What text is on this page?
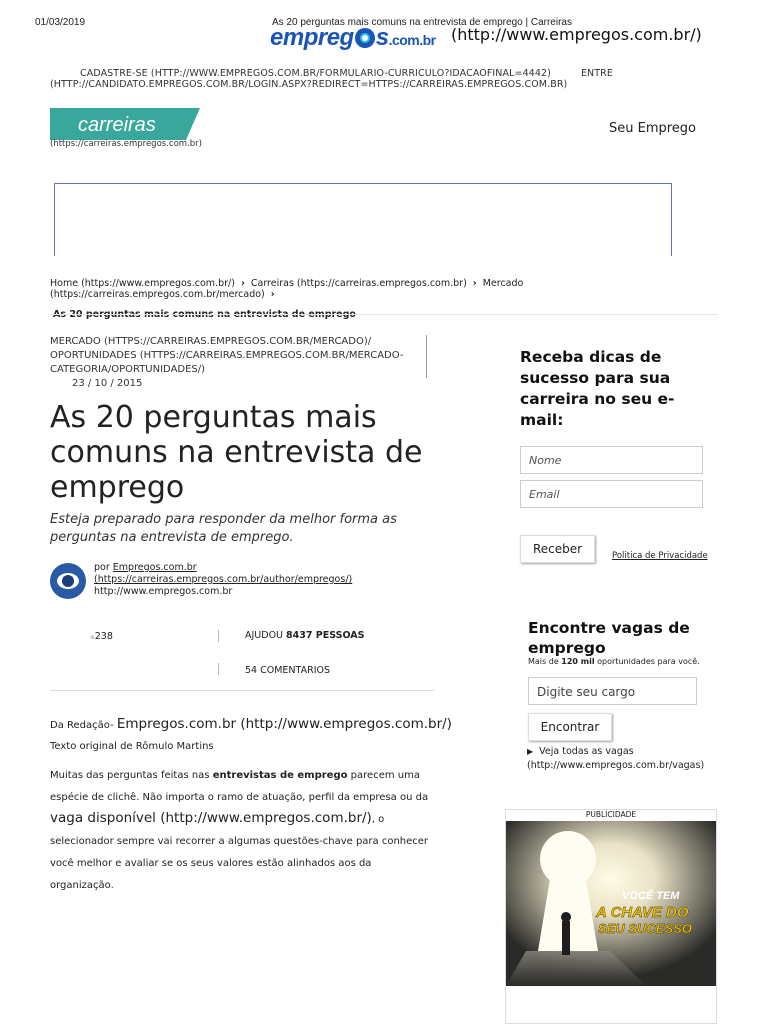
01/03/2019	As 20 perguntas mais comuns na entrevista de emprego | Carreiras
empreg s.com.br (http://www.empregos.com.br/)
CADASTRE-SE (HTTP://WWW.EMPREGOS.COM.BR/FORMULARIO-CURRICULO?IDACAOFINAL=4442)	ENTRE
(HTTP://CANDIDATO.EMPREGOS.COM.BR/LOGIN.ASPX?REDIRECT=HTTPS://CARREIRAS.EMPREGOS.COM.BR)
carreiras
(https://carreiras.empregos.com.br)
Seu Emprego
Home (https://www.empregos.com.br/) › Carreiras (https://carreiras.empregos.com.br) › Mercado (https://carreiras.empregos.com.br/mercado) ›
MERCADO (HTTPS://CARREIRAS.EMPREGOS.COM.BR/MERCADO)/ OPORTUNIDADES (HTTPS://CARREIRAS.EMPREGOS.COM.BR/MERCADO-CATEGORIA/OPORTUNIDADES/)
23 / 10 / 2015
As 20 perguntas mais comuns na entrevista de emprego
Esteja preparado para responder da melhor forma as perguntas na entrevista de emprego.
por Empregos.com.br
(https://carreiras.empregos.com.br/author/empregos/)
http://www.empregos.com.br
▪238	AJUDOU 8437 PESSOAS
54 COMENTARIOS
Da Redação- Empregos.com.br (http://www.empregos.com.br/)
Texto original de Rômulo Martins
Muitas das perguntas feitas nas entrevistas de emprego parecem uma espécie de clichê. Não importa o ramo de atuação, perfil da empresa ou da vaga disponível (http://www.empregos.com.br/), o selecionador sempre vai recorrer a algumas questões-chave para conhecer você melhor e avaliar se os seus valores estão alinhados aos da organização.
Receba dicas de sucesso para sua carreira no seu e-mail:
Nome
Email
Receber	Politica de Privacidade
Encontre vagas de emprego
Mais de 120 mil oportunidades para você.
Digite seu cargo
Encontrar
▶ Veja todas as vagas (http://www.empregos.com.br/vagas)
PUBLICIDADE
VOCÊ TEM
A CHAVE DO
SEU SUCESSO
